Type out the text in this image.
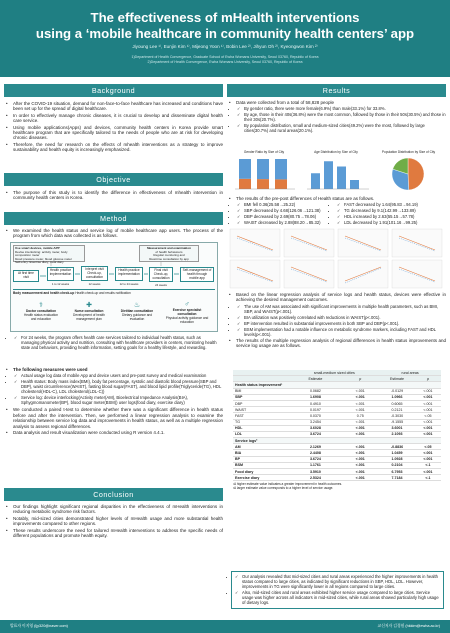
The effectiveness of mHealth interventions
using a ‘mobile healthcare in community health centers’ app
Jiyoung Lee ¹⁾, Eunjin Kim ¹⁾, Mijeong Yoon ¹⁾, Bobin Lee ²⁾, Jihyun Oh ²⁾, Kyeongwon Kim ²⁾
1)Department of Health Convergence, Graduate School of Ewha Womans University, Seoul 03760, Republic of Korea
2)Department of Health Convergence, Ewha Womans University, Seoul 03760, Republic of Korea
Background
• After the COVID-19 situation, demand for non-face-to-face healthcare has increased and conditions have been set up for the spread of digital healthcare.
• In order to effectively manage chronic diseases, it is crucial to develop and disseminate digital health care service.
• Using mobile applications(Apps) and devices, community health centers in Korea provide smart healthcare program that are specifically tailored to the needs of people who are at risk for developing chronic diseases.
• Therefore, the need for research on the effects of mhealth interventions as a strategy to improve sustainability and health equity is increasingly emphasized.
Objective
• The purpose of this study is to identify the difference in effectiveness of mhealth intervention in community health centers in Korea.
Method
• We examined the health status and service log of mobile healthcare app users. The process of the program from which data was collected is as follows.
Use smart devices, mobile APP
Devise interlocking: activity meter, body composition meter
blood pressure meter, blood glucose meter
Self-entry: Exercise diary, meal diary
Measurement and examination
of health behaviours
Regular monitoring and
Real-time consultation by app
At first time visit
Health practice implementation
Interpret visit Check-up, consultation
Health practice implementation
Final visit Check-up, consultation
Self-management of health through mobile app
1 to 12 weeks	12 weeks	12 to 24 weeks	24 weeks
Body measurement and health check-up Health check-up and results notification
⚕
Doctor consultation
Health status evaluation and education
✚
Nurse consultation
Development of health management plan
♨
Dietitian consultation
Dietary guidance and evaluation
♂
Exercise specialist consultation
Physical activity guidance and education
✓ • For 24 weeks, the program offers health care services tailored to individual health status, such as managing physical activity and nutrition, consulting with healthcare providers in centers, monitoring health state and behaviors, providing health information, setting goals for a healthy lifestyle, and rewarding.
• The following measures were used
✓ • Actual usage log data of mobile App and device users and pre-post survey and medical examination
✓ • Health status: Body mass index(BMI), body fat percentage, systolic and diastolic blood pressure(SBP and DBP), waist circumference(WAIST), fasting blood sugar(FAST), and blood lipid profile(Triglyceride(TG), HDL cholesterol(HDL-C), LDL cholesterol(LDL-C))
✓ • Service log: device interlocking(Activity meter(AM), Bioelectrical Impedance Analysis(BIA), Sphygmomanometer(BP), blood sugar meter(BSM)) user logs(food diary, exercise diary)
• We conducted a paired t-test to determine whether there was a significant difference in health status before and after the intervention. Then, we performed a linear regression analysis to examine the relationship between service log data and improvements in health status, as well as a multiple regression analysis to assess regional differences.
• Data analysis and result visualization were conducted using R version 4.4.1.
Conclusion
• Our findings highlight significant regional disparities in the effectiveness of mHealth interventions in reducing metabolic syndrome risk factors.
• Notably, mid-sized cities demonstrated higher levels of mHealth usage and more substantial health improvements compared to other regions.
• These results underscore the need for tailored mHealth interventions to address the specific needs of different populations and promote health equity.
Results
• Data were collected from a total of 58,828 people
✓ • By gender ratio, there were more female(6.9%) than male(33.1%) for 33.8%.
✓ • By age, those in their 40s(36.8%) were the most common, followed by those in their 50s(30.5%) and those in their 30s(20.7%).
✓ • By population distribution, small and medium-sized cities(49.2%) were the most, followed by large cities(30.7%) and rural areas(20.1%).
Gender Ratio by Size of City	Age Distribution by Size of City	Population Distribution by Size of City
• The results of the pre-post differences of Health status are as follows.
✓ • BMI fell 0.36(25.58→25.22)
✓ • SBP decreased by 4.68(126.06→121.38)
✓ • DBP decreased by 2.69(80.75→78.06)
✓ • WAIST decreased by 2.88(88.20→85.32)
✓ • FAST decreased by 1.64(95.83→94.19)
✓ • TG decreased by 9.1(142.99→133.89)
✓ • HDL increased by 2.63(55.15→57.78)
✓ • LDL decreased by 1.91(101.16→99.25)
• Based on the linear regression analysis of service logs and health status, devices were effective in achieving the desired management outcomes.
✓ • The use of AM was associated with significant improvements in multiple health parameters, such as BMI, SBP, and WAIST(p<.001).
✓ • BIA utilization was positively correlated with reductions in WAIST(p<.001).
✓ • BP intervention resulted in substantial improvements in both SBP and DBP(p<.001).
✓ • BSM implementation had a notable influence on metabolic syndrome markers, including FAST and HDL levels(p<.001).
• The results of the multiple regression analysis of regional differences in health status improvements and service log usage are as follows.
	small-medium sized cities		rural areas	
	Estimate	p	Estimate	p
Health status improvement¹				
BMI	0.0682	<.001	-0.0129	<.001
SBP	1.6908	<.001	1.0966	<.001
DBP	0.4910	<.001	0.6065	<.001
WAIST	0.0197	<.001	0.2121	<.001
FAST	0.0370	0.75	-0.3030	<.05
TG	3.2454	<.001	-9.1555	<.001
HDL	3.6028	<.001	3.6001	<.001
LDL	3.6724	<.001	2.1093	<.001
Service logs²				
AM	2.1269	<.001	-0.8836	<.05
BIA	2.4408	<.001	1.0459	<.001
BP	3.6724	<.001	1.0928	<.001
BSM	1.1761	<.001	0.2104	<.1
Food diary	3.5910	<.001	6.7953	<.001
Exercise diary	2.5324	<.001	7.7184	<.1
¹A higher estimate value indicates a greater improvement in health outcomes.
²A larger estimate value corresponds to a higher level of service usage.
✓ • Our analysis revealed that mid-sized cities and rural areas experienced the higher improvements in health status compared to large cities, as indicated by significant reductions in SBP, HDL, LDL. However, improvements in TG were significantly lower in all regions compared to large cities.
✓ • Also, mid-sized cities and rural areas exhibited higher service usage compared to large cities. Service usage was higher across all indicators in mid-sized cities, while rural areas showed particularly high usage of dietary logs.
발표자 이지영 (ljy320@naver.com)	교신저자 김경원 (hkkim@ewha.ac.kr)
